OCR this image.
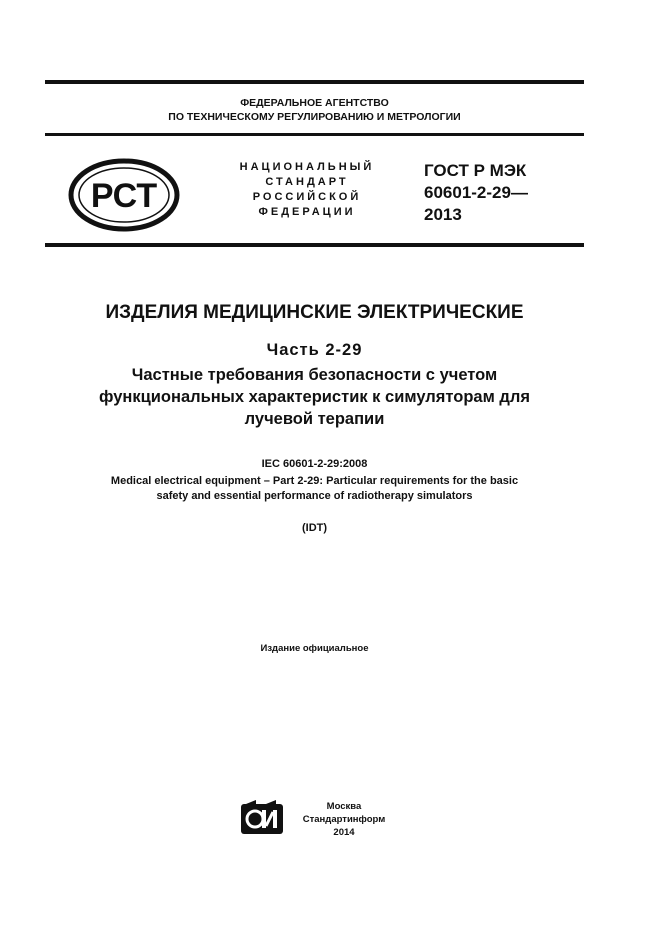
ФЕДЕРАЛЬНОЕ АГЕНТСТВО
ПО ТЕХНИЧЕСКОМУ РЕГУЛИРОВАНИЮ И МЕТРОЛОГИИ
РСТ
НАЦИОНАЛЬНЫЙ
СТАНДАРТ
РОССИЙСКОЙ
ФЕДЕРАЦИИ
ГОСТ Р МЭК
60601-2-29—
2013
ИЗДЕЛИЯ МЕДИЦИНСКИЕ ЭЛЕКТРИЧЕСКИЕ
Часть 2-29
Частные требования безопасности с учетом
функциональных характеристик к симуляторам для
лучевой терапии
IEC 60601-2-29:2008
Medical electrical equipment – Part 2-29: Particular requirements for the basic
safety and essential performance of radiotherapy simulators
(IDT)
Издание официальное
Москва
Стандартинформ
2014
